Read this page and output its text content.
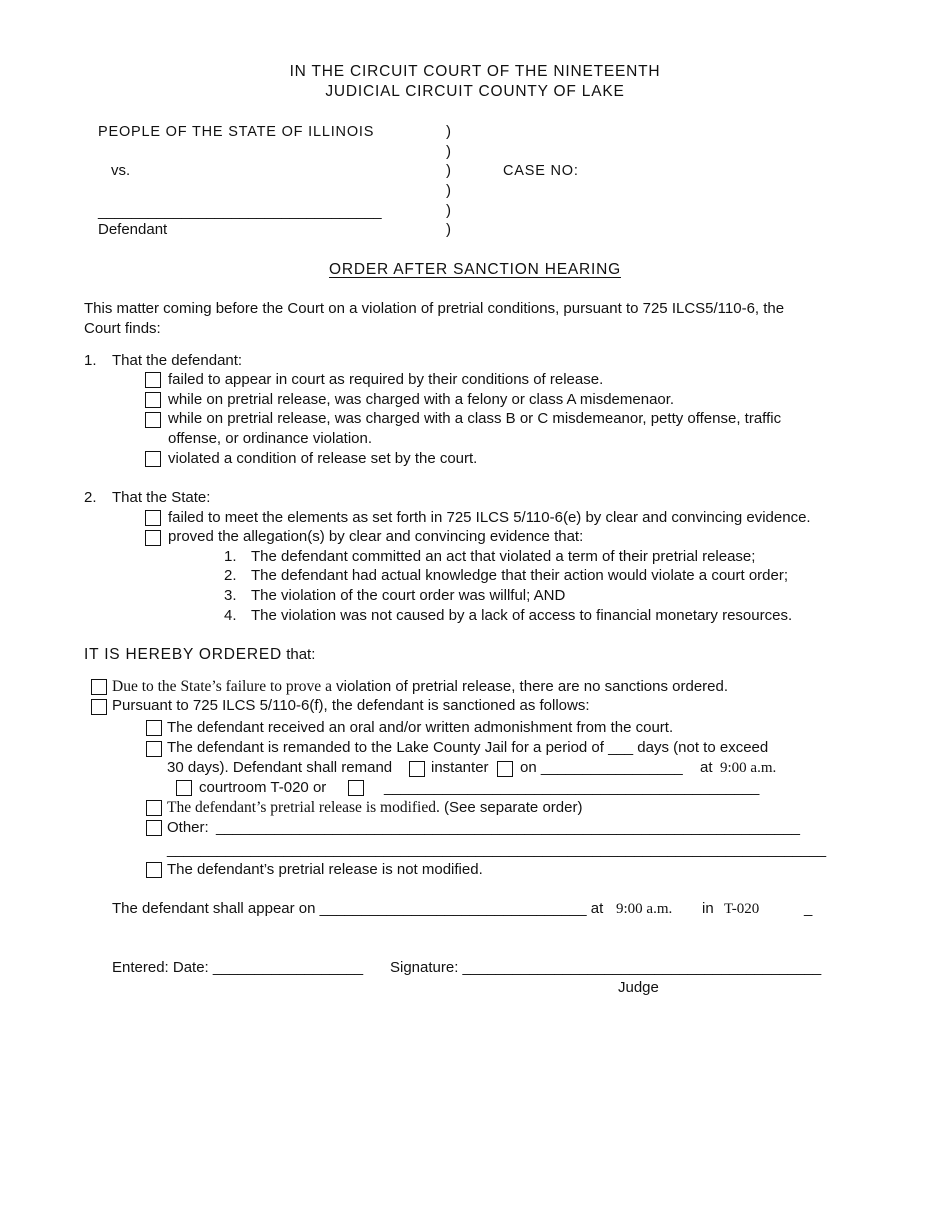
IN THE CIRCUIT COURT OF THE NINETEENTH
JUDICIAL CIRCUIT COUNTY OF LAKE
PEOPLE OF THE STATE OF ILLINOIS
vs.
__________________________________
Defendant
)
)
)
)
)
)
CASE NO:
ORDER AFTER SANCTION HEARING
This matter coming before the Court on a violation of pretrial conditions, pursuant to 725 ILCS5/110-6, the
Court finds:
1. That the defendant:
failed to appear in court as required by their conditions of release.
while on pretrial release, was charged with a felony or class A misdemenaor.
while on pretrial release, was charged with a class B or C misdemeanor, petty offense, traffic
offense, or ordinance violation.
violated a condition of release set by the court.
2. That the State:
failed to meet the elements as set forth in 725 ILCS 5/110-6(e) by clear and convincing evidence.
proved the allegation(s) by clear and convincing evidence that:
1. The defendant committed an act that violated a term of their pretrial release;
2. The defendant had actual knowledge that their action would violate a court order;
3. The violation of the court order was willful; AND
4. The violation was not caused by a lack of access to financial monetary resources.
IT IS HEREBY ORDERED that:
Due to the State’s failure to prove a violation of pretrial release, there are no sanctions ordered.
Pursuant to 725 ILCS 5/110-6(f), the defendant is sanctioned as follows:
The defendant received an oral and/or written admonishment from the court.
The defendant is remanded to the Lake County Jail for a period of ___ days (not to exceed
30 days). Defendant shall remand	instanter on _________________ at 9:00 a.m.
courtroom T-020 or	_____________________________________________
The defendant’s pretrial release is modified. (See separate order)
Other: ______________________________________________________________________
_______________________________________________________________________________
The defendant’s pretrial release is not modified.
The defendant shall appear on ________________________________ at 9:00 a.m. in T-020	_
Entered: Date: __________________ Signature: ___________________________________________
Judge
